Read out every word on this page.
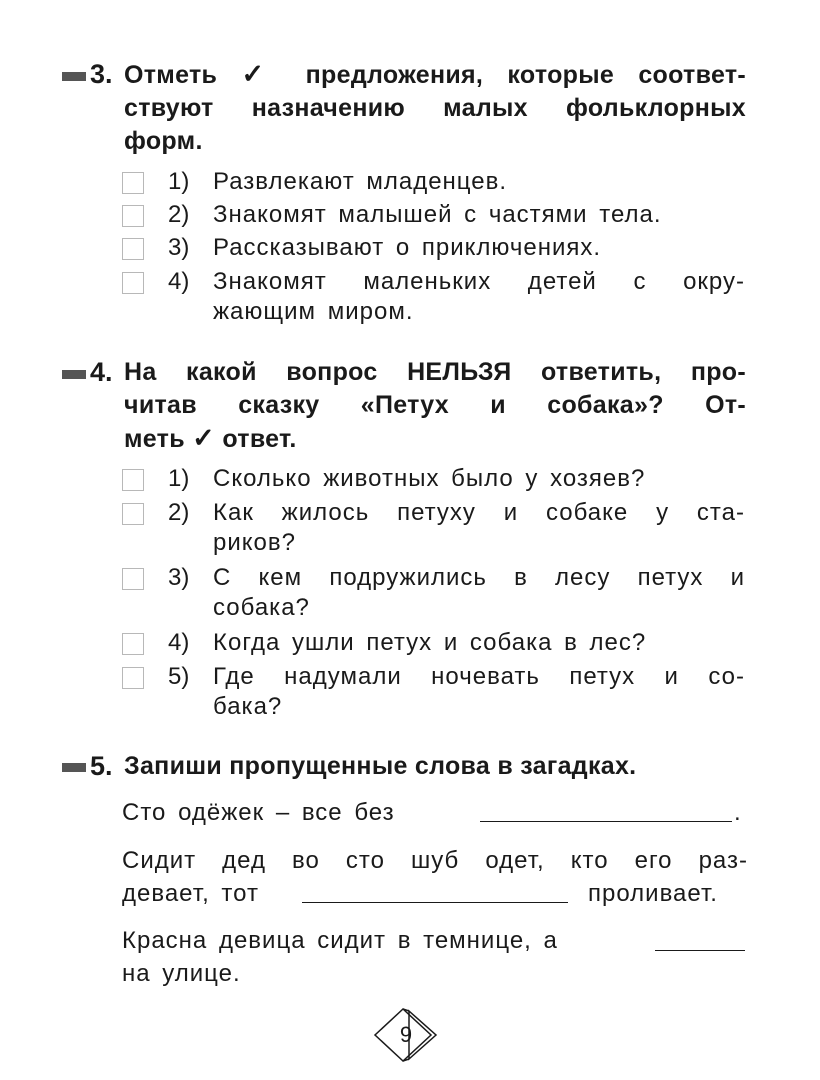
3. Отметь ✓ предложения, которые соответ-
ствуют назначению малых фольклорных
форм.
1) Развлекают младенцев.
2) Знакомят малышей с частями тела.
3) Рассказывают о приключениях.
4) Знакомят маленьких детей с окру-
жающим миром.
4. На какой вопрос НЕЛЬЗЯ ответить, про-
читав сказку «Петух и собака»? От-
меть ✓ ответ.
1) Сколько животных было у хозяев?
2) Как жилось петуху и собаке у ста-
риков?
3) С кем подружились в лесу петух и
собака?
4) Когда ушли петух и собака в лес?
5) Где надумали ночевать петух и со-
бака?
5. Запиши пропущенные слова в загадках.
Сто одёжек – все без	.
Сидит дед во сто шуб одет, кто его раз-
девает, тот	проливает.
Красна девица сидит в темнице, а
на улице.
9
